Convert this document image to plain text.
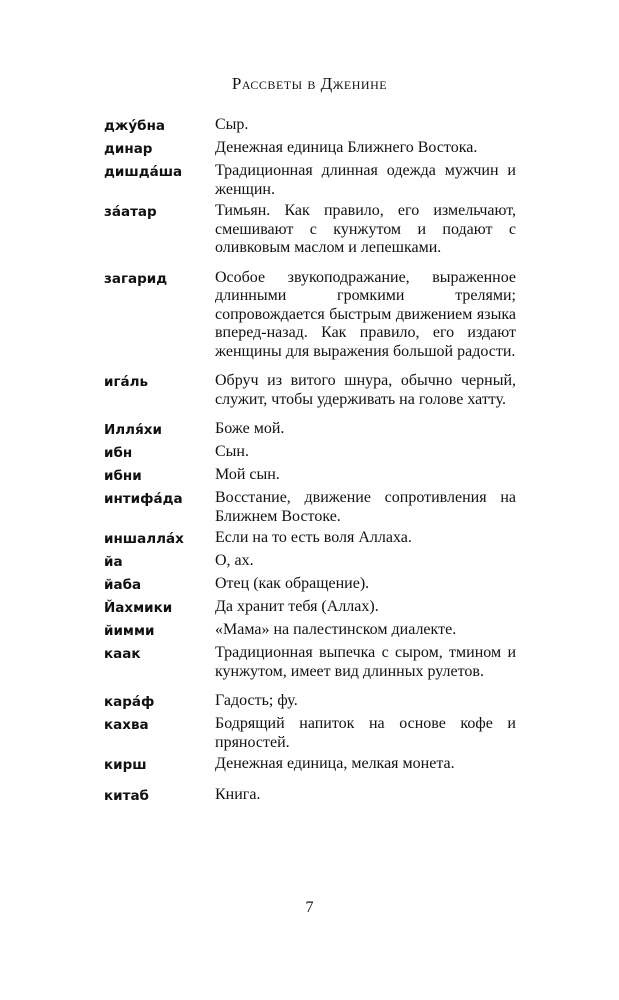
Рассветы в Дженине
джу́бна	Сыр.
динар	Денежная единица Ближнего Востока.
дишда́ша	Традиционная длинная одежда мужчин и женщин.
за́атар	Тимьян. Как правило, его измельчают, смешивают с кунжутом и подают с оливковым маслом и лепешками.
загарид	Особое звукоподражание, выраженное длинными громкими трелями; сопровождается быстрым движением языка вперед-назад. Как правило, его издают женщины для выражения большой радости.
ига́ль	Обруч из витого шнура, обычно черный, служит, чтобы удерживать на голове хатту.
Илля́хи	Боже мой.
ибн	Сын.
ибни	Мой сын.
интифа́да	Восстание, движение сопротивления на Ближнем Востоке.
иншалла́х	Если на то есть воля Аллаха.
йа	О, ах.
йаба	Отец (как обращение).
Йахмики	Да хранит тебя (Аллах).
йимми	«Мама» на палестинском диалекте.
каак	Традиционная выпечка с сыром, тмином и кунжутом, имеет вид длинных рулетов.
кара́ф	Гадость; фу.
кахва	Бодрящий напиток на основе кофе и пряностей.
кирш	Денежная единица, мелкая монета.
китаб	Книга.
7
